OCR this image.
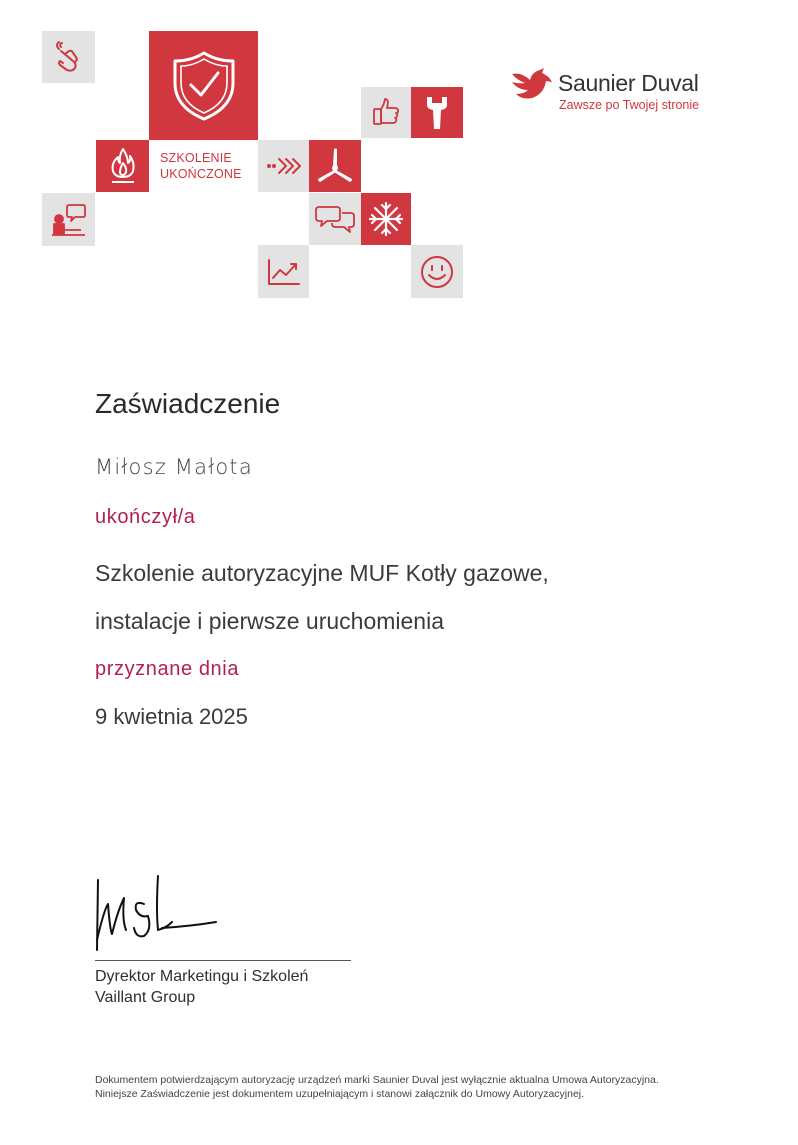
SZKOLENIE
UKOŃCZONE
Saunier Duval
Zawsze po Twojej stronie
Zaświadczenie
Miłosz Małota
ukończył/a
Szkolenie autoryzacyjne MUF Kotły gazowe,
instalacje i pierwsze uruchomienia
przyznane dnia
9 kwietnia 2025
Dyrektor Marketingu i Szkoleń
Vaillant Group
Dokumentem potwierdzającym autoryzację urządzeń marki Saunier Duval jest wyłącznie aktualna Umowa Autoryzacyjna.
Niniejsze Zaświadczenie jest dokumentem uzupełniającym i stanowi załącznik do Umowy Autoryzacyjnej.
